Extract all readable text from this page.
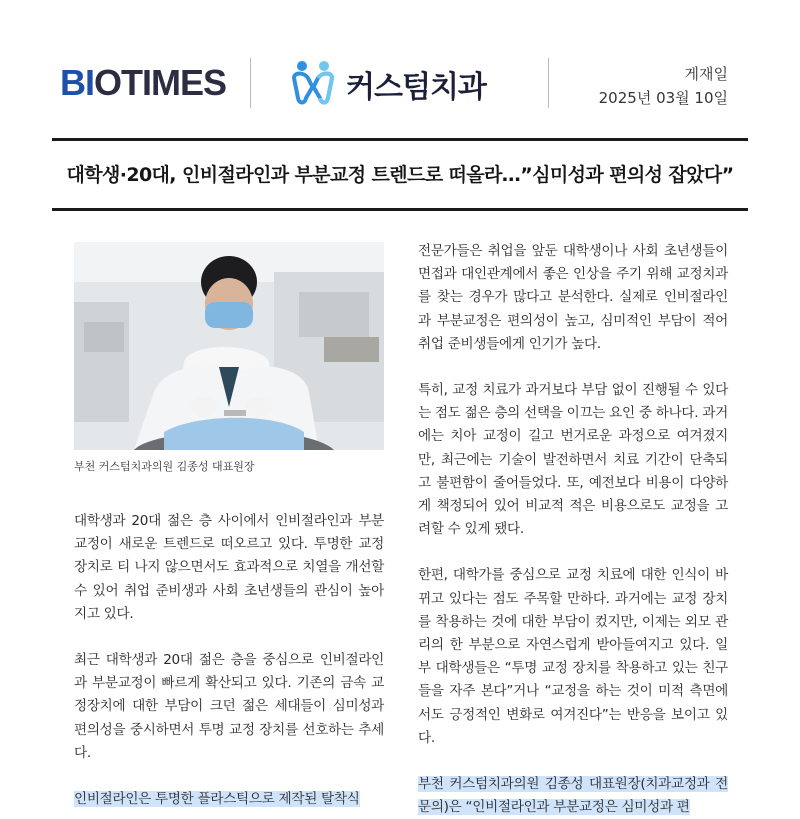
BIOTIMES	커스텀치과	게재일
2025년 03월 10일
대학생·20대, 인비절라인과 부분교정 트렌드로 떠올라…”심미성과 편의성 잡았다”
부천 커스텀치과의원 김종성 대표원장

대학생과 20대 젊은 층 사이에서 인비절라인과 부분교정이 새로운 트렌드로 떠오르고 있다. 투명한 교정장치로 티 나지 않으면서도 효과적으로 치열을 개선할 수 있어 취업 준비생과 사회 초년생들의 관심이 높아지고 있다.

최근 대학생과 20대 젊은 층을 중심으로 인비절라인과 부분교정이 빠르게 확산되고 있다. 기존의 금속 교정장치에 대한 부담이 크던 젊은 세대들이 심미성과 편의성을 중시하면서 투명 교정 장치를 선호하는 추세다.

인비절라인은 투명한 플라스틱으로 제작된 탈착식

전문가들은 취업을 앞둔 대학생이나 사회 초년생들이 면접과 대인관계에서 좋은 인상을 주기 위해 교정치과를 찾는 경우가 많다고 분석한다. 실제로 인비절라인과 부분교정은 편의성이 높고, 심미적인 부담이 적어 취업 준비생들에게 인기가 높다.

특히, 교정 치료가 과거보다 부담 없이 진행될 수 있다는 점도 젊은 층의 선택을 이끄는 요인 중 하나다. 과거에는 치아 교정이 길고 번거로운 과정으로 여겨졌지만, 최근에는 기술이 발전하면서 치료 기간이 단축되고 불편함이 줄어들었다. 또, 예전보다 비용이 다양하게 책정되어 있어 비교적 적은 비용으로도 교정을 고려할 수 있게 됐다.

한편, 대학가를 중심으로 교정 치료에 대한 인식이 바뀌고 있다는 점도 주목할 만하다. 과거에는 교정 장치를 착용하는 것에 대한 부담이 컸지만, 이제는 외모 관리의 한 부분으로 자연스럽게 받아들여지고 있다. 일부 대학생들은 “투명 교정 장치를 착용하고 있는 친구들을 자주 본다”거나 “교정을 하는 것이 미적 측면에서도 긍정적인 변화로 여겨진다”는 반응을 보이고 있다.

부천 커스텀치과의원 김종성 대표원장(치과교정과 전문의)은 “인비절라인과 부분교정은 심미성과 편
